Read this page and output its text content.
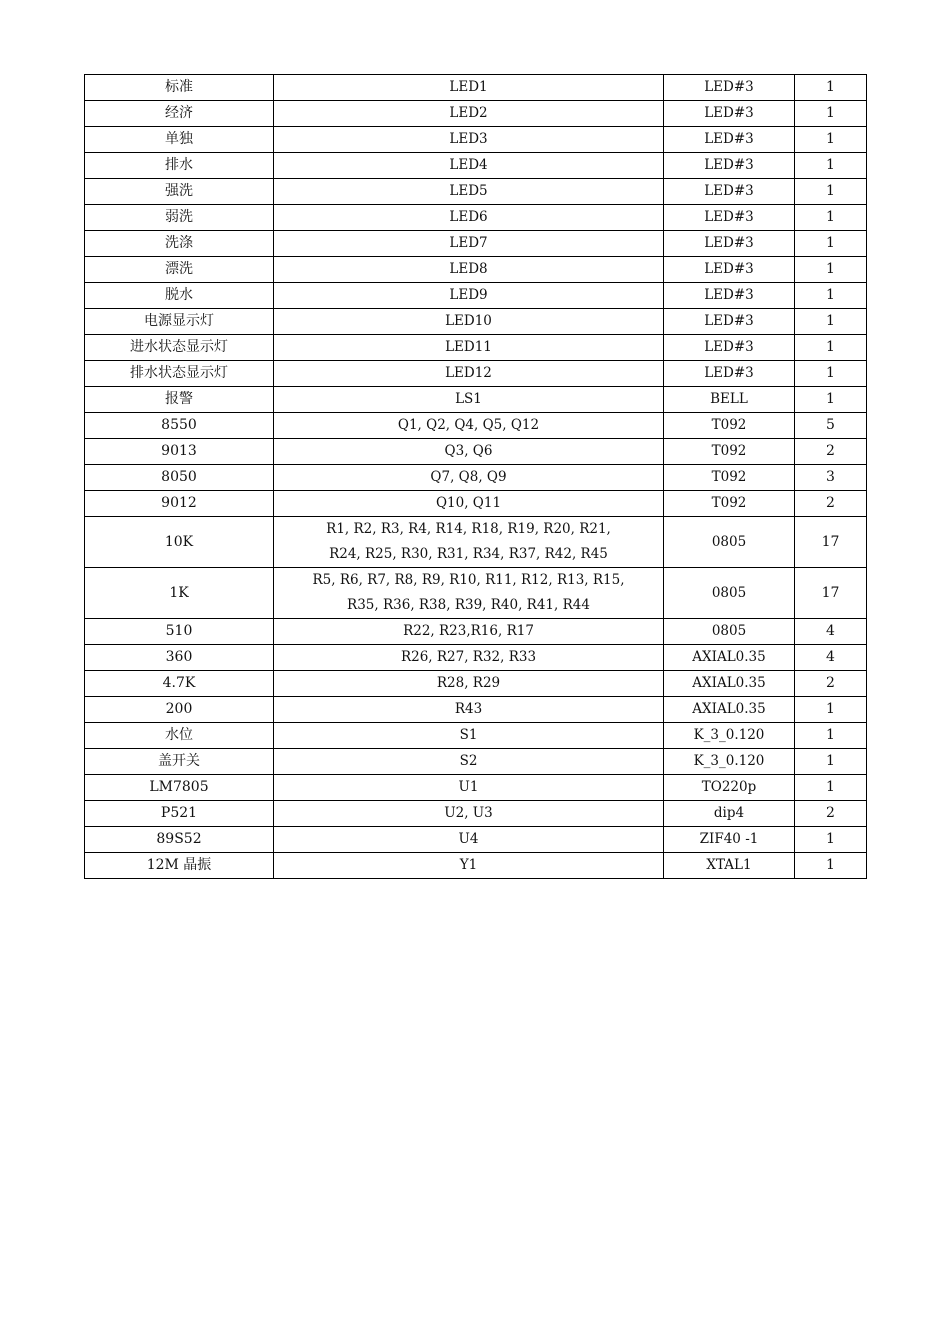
标准	LED1	LED#3	1
经济	LED2	LED#3	1
单独	LED3	LED#3	1
排水	LED4	LED#3	1
强洗	LED5	LED#3	1
弱洗	LED6	LED#3	1
洗涤	LED7	LED#3	1
漂洗	LED8	LED#3	1
脱水	LED9	LED#3	1
电源显示灯	LED10	LED#3	1
进水状态显示灯	LED11	LED#3	1
排水状态显示灯	LED12	LED#3	1
报警	LS1	BELL	1
8550	Q1, Q2, Q4, Q5, Q12	T092	5
9013	Q3, Q6	T092	2
8050	Q7, Q8, Q9	T092	3
9012	Q10, Q11	T092	2
10K	R1, R2, R3, R4, R14, R18, R19, R20, R21,
R24, R25, R30, R31, R34, R37, R42, R45	0805	17
1K	R5, R6, R7, R8, R9, R10, R11, R12, R13, R15,
R35, R36, R38, R39, R40, R41, R44	0805	17
510	R22, R23,R16, R17	0805	4
360	R26, R27, R32, R33	AXIAL0.35	4
4.7K	R28, R29	AXIAL0.35	2
200	R43	AXIAL0.35	1
水位	S1	K_3_0.120	1
盖开关	S2	K_3_0.120	1
LM7805	U1	TO220p	1
P521	U2, U3	dip4	2
89S52	U4	ZIF40 -1	1
12M 晶振	Y1	XTAL1	1
